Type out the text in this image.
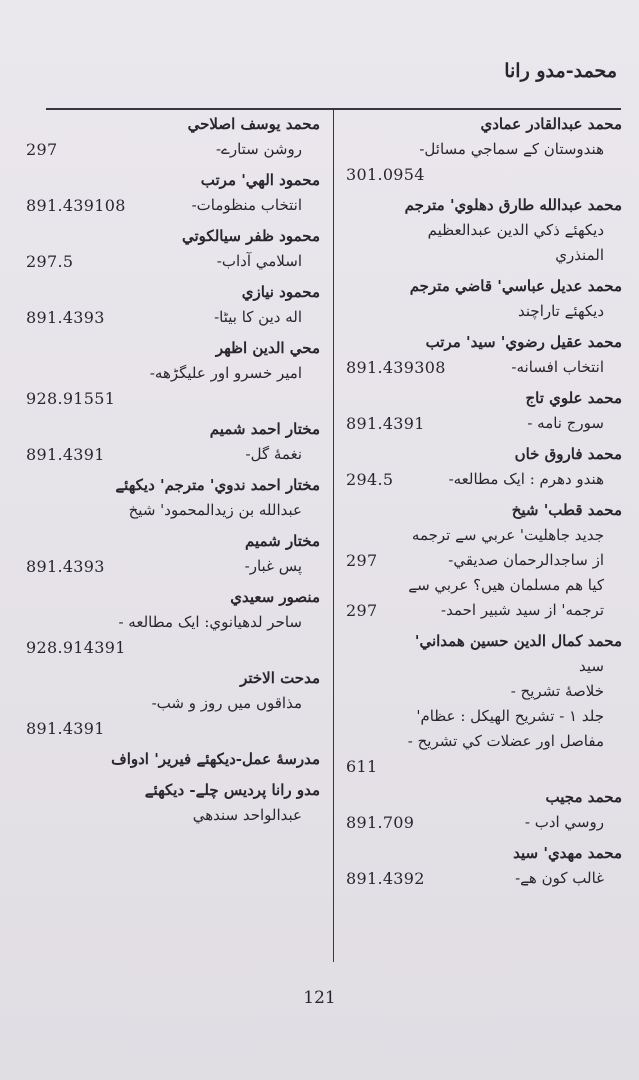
محمد-مدو رانا
محمد عبدالقادر عمادي
هندوستان کے سماجي مسائل-
301.0954
محمد عبدالله طارق دهلوي' مترجم
ديکهئے ذکي الدين عبدالعظيم
المنذري
محمد عديل عباسي' قاضي مترجم
ديکهئے تاراچند
محمد عقيل رضوي' سيد' مرتب
انتخاب افسانه-
891.439308
محمد علوي تاج
سورج نامه -
891.4391
محمد فاروق خاں
هندو دهرم : ايک مطالعه-
294.5
محمد قطب' شيخ
جديد جاهليت' عربي سے ترجمه
از ساجدالرحمان صديقي-
297
کيا هم مسلمان هيں؟ عربي سے
ترجمه' از سيد شبير احمد-
297
محمد کمال الدين حسين همداني'
سيد
خلاصۀ تشريح -
جلد ۱ - تشريح الهيکل : عظام'
مفاصل اور عضلات کي تشريح -
611
محمد مجيب
روسي ادب -
891.709
محمد مهدي' سيد
غالب کون هے-
891.4392
محمد يوسف اصلاحي
روشن ستارے-
297
محمود الهي' مرتب
انتخاب منظومات-
891.439108
محمود ظفر سيالکوتي
اسلامي آداب-
297.5
محمود نيازي
اله دين کا بيٹا-
891.4393
محي الدين اظهر
امير خسرو اور عليگڑهه-
928.91551
مختار احمد شميم
نغمۀ گل-
891.4391
مختار احمد ندوي' مترجم' ديکهئے
عبدالله بن زيدالمحمود' شيخ
مختار شميم
پس غبار-
891.4393
منصور سعيدي
ساحر لدهيانوي: ايک مطالعه -
928.914391
مدحت الاختر
مذاقوں ميں روز و شب-
891.4391
مدرسۀ عمل-ديکهئے فيرير' ادواف
مدو رانا پرديس چلے- ديکهئے
عبدالواحد سندهي
121
